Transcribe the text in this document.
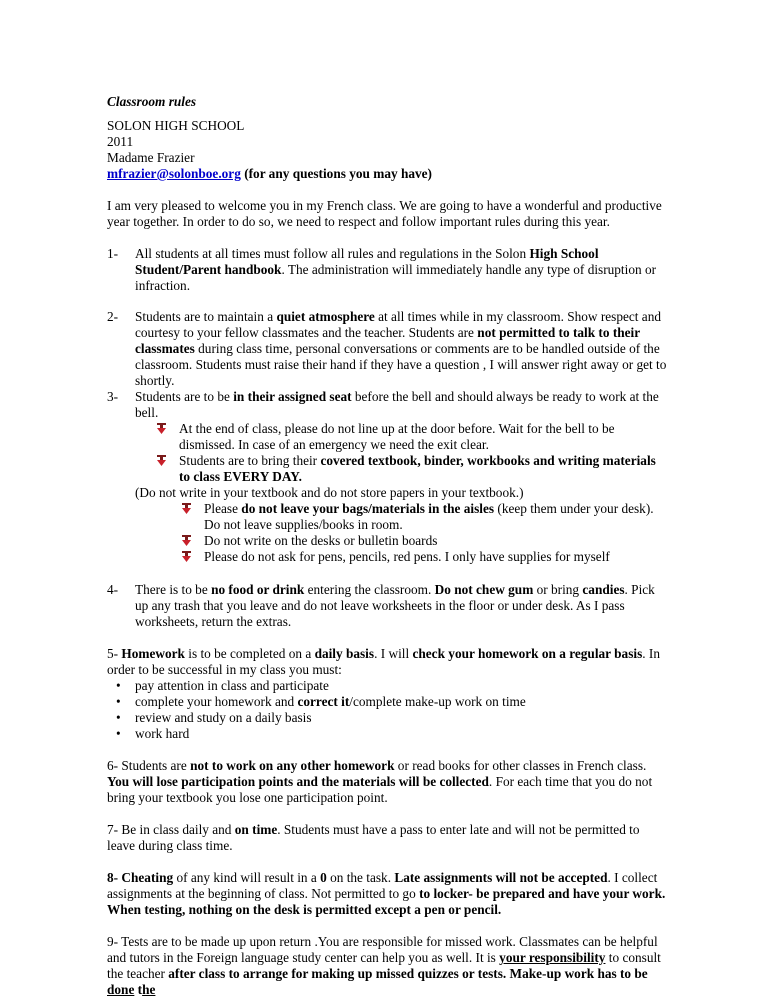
Classroom rules

SOLON HIGH SCHOOL
2011
Madame Frazier
mfrazier@solonboe.org (for any questions you may have)

I am very pleased to welcome you in my French class. We are going to have a wonderful and productive year together. In order to do so, we need to respect and follow important rules during this year.

1-	All students at all times must follow all rules and regulations in the Solon High School Student/Parent handbook. The administration will immediately handle any type of disruption or infraction.

2-	Students are to maintain a quiet atmosphere at all times while in my classroom. Show respect and courtesy to your fellow classmates and the teacher. Students are not permitted to talk to their classmates during class time, personal conversations or comments are to be handled outside of the classroom. Students must raise their hand if they have a question , I will answer right away or get to shortly.

3-	Students are to be in their assigned seat before the bell and should always be ready to work at the bell.

At the end of class, please do not line up at the door before. Wait for the bell to be dismissed. In case of an emergency we need the exit clear.
Students are to bring their covered textbook, binder, workbooks and writing materials to class EVERY DAY.

(Do not write in your textbook and do not store papers in your textbook.)

Please do not leave your bags/materials in the aisles (keep them under your desk). Do not leave supplies/books in room.
Do not write on the desks or bulletin boards
Please do not ask for pens, pencils, red pens. I only have supplies for myself
4-	There is to be no food or drink entering the classroom. Do not chew gum or bring candies. Pick up any trash that you leave and do not leave worksheets in the floor or under desk. As I pass worksheets, return the extras.

5- Homework is to be completed on a daily basis. I will check your homework on a regular basis. In order to be successful in my class you must:

• pay attention in class and participate
• complete your homework and correct it/complete make-up work on time
• review and study on a daily basis
• work hard

6- Students are not to work on any other homework or read books for other classes in French class. You will lose participation points and the materials will be collected. For each time that you do not bring your textbook you lose one participation point.

7- Be in class daily and on time. Students must have a pass to enter late and will not be permitted to leave during class time.

8- Cheating of any kind will result in a 0 on the task. Late assignments will not be accepted. I collect assignments at the beginning of class. Not permitted to go to locker- be prepared and have your work. When testing, nothing on the desk is permitted except a pen or pencil.

9- Tests are to be made up upon return .You are responsible for missed work. Classmates can be helpful and tutors in the Foreign language study center can help you as well. It is your responsibility to consult the teacher after class to arrange for making up missed quizzes or tests. Make-up work has to be done the
